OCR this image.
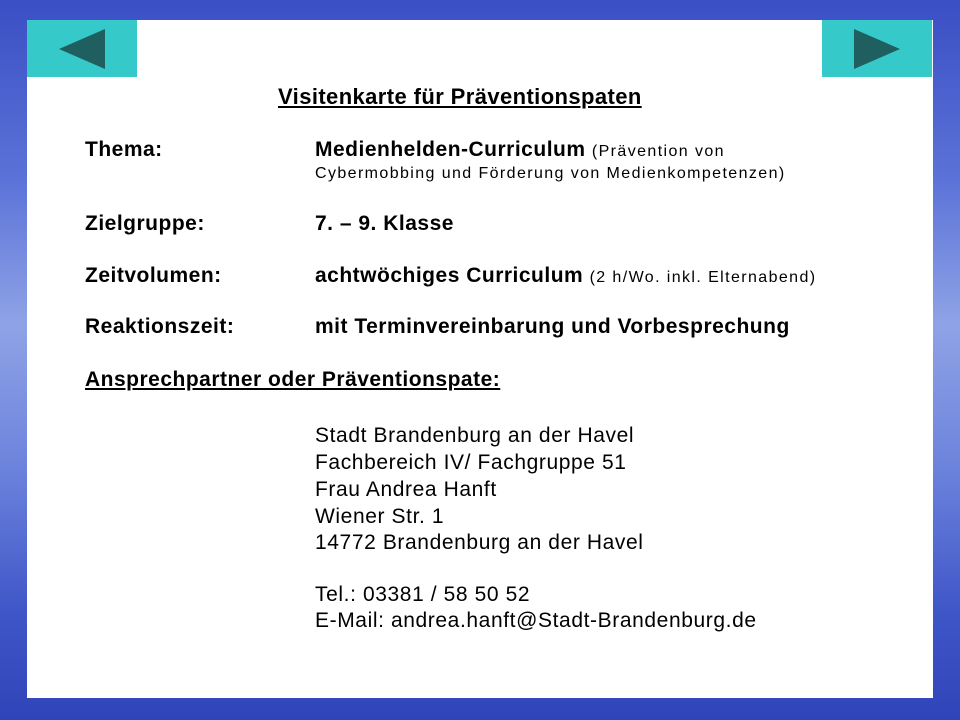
Visitenkarte für Präventionspaten
Thema:	Medienhelden-Curriculum (Prävention von
Cybermobbing und Förderung von Medienkompetenzen)
Zielgruppe:	7. – 9. Klasse
Zeitvolumen:	achtwöchiges Curriculum (2 h/Wo. inkl. Elternabend)
Reaktionszeit:	mit Terminvereinbarung und Vorbesprechung
Ansprechpartner oder Präventionspate:
Stadt Brandenburg an der Havel
Fachbereich IV/ Fachgruppe 51
Frau Andrea Hanft
Wiener Str. 1
14772 Brandenburg an der Havel
Tel.: 03381 / 58 50 52
E-Mail: andrea.hanft@Stadt-Brandenburg.de
